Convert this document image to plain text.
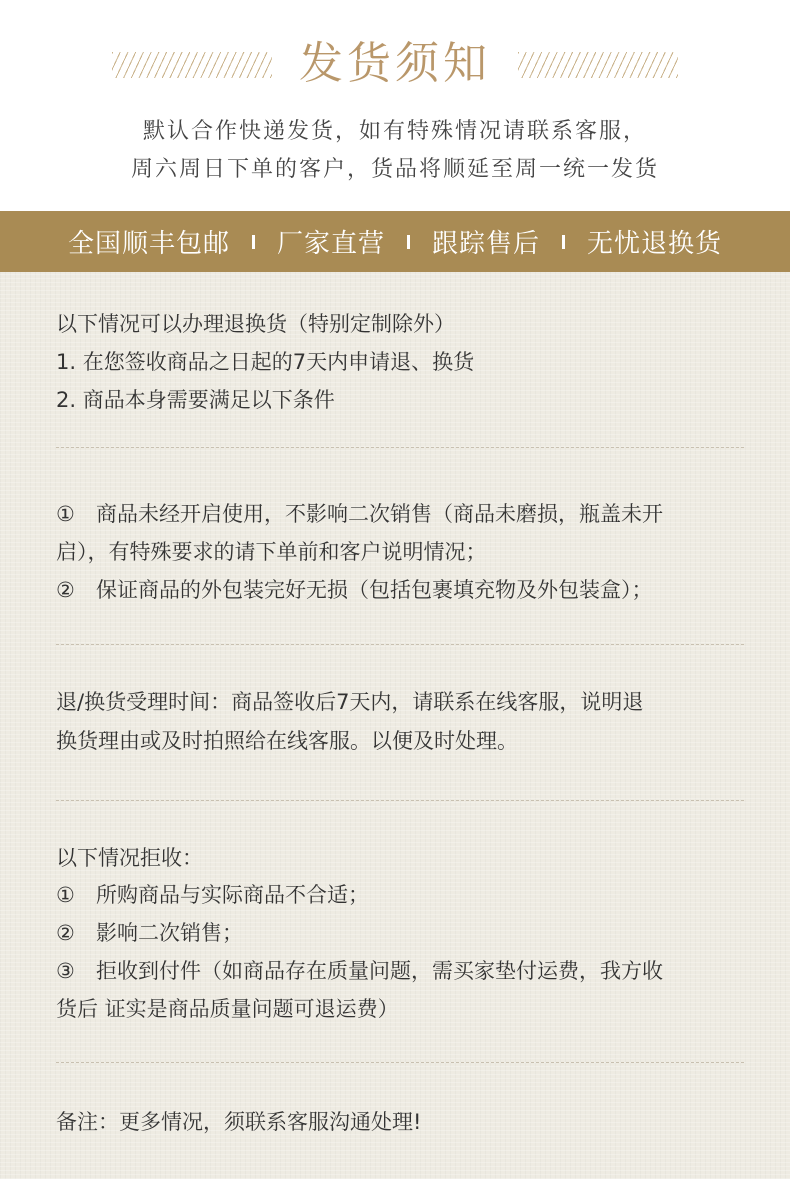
发货须知
默认合作快递发货，如有特殊情况请联系客服，
周六周日下单的客户，货品将顺延至周一统一发货
全国顺丰包邮 厂家直营 跟踪售后 无忧退换货
以下情况可以办理退换货（特别定制除外）
1. 在您签收商品之日起的7天内申请退、换货
2. 商品本身需要满足以下条件
① 商品未经开启使用，不影响二次销售（商品未磨损，瓶盖未开
启），有特殊要求的请下单前和客户说明情况；
② 保证商品的外包装完好无损（包括包裹填充物及外包装盒）；
退/换货受理时间：商品签收后7天内，请联系在线客服，说明退
换货理由或及时拍照给在线客服。以便及时处理。
以下情况拒收：
① 所购商品与实际商品不合适；
② 影响二次销售；
③ 拒收到付件（如商品存在质量问题，需买家垫付运费，我方收
货后 证实是商品质量问题可退运费）
备注：更多情况，须联系客服沟通处理!
